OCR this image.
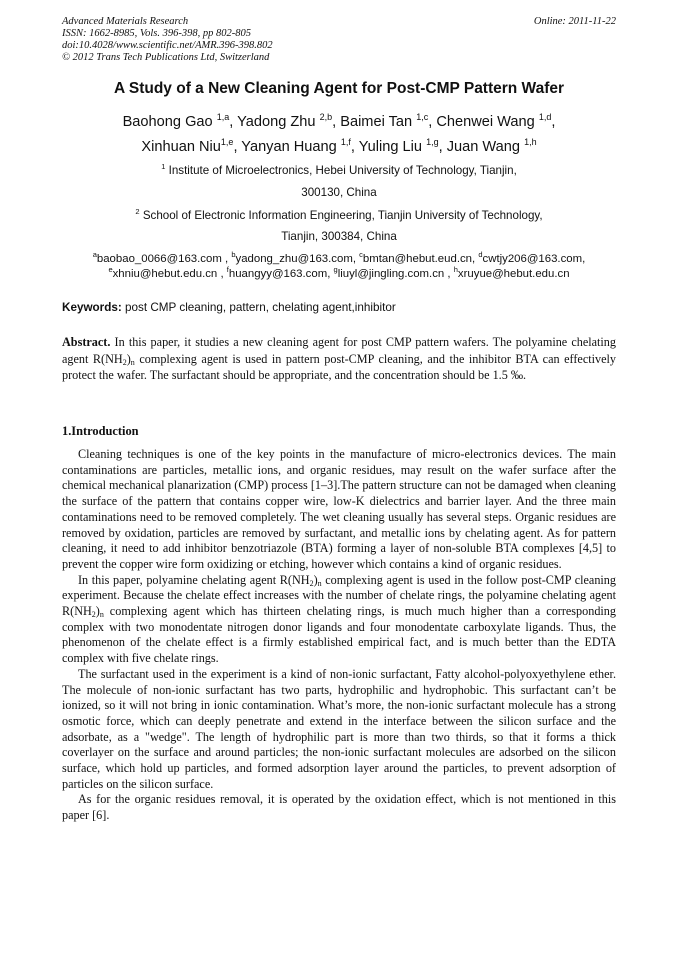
Advanced Materials Research
ISSN: 1662-8985, Vols. 396-398, pp 802-805
doi:10.4028/www.scientific.net/AMR.396-398.802
© 2012 Trans Tech Publications Ltd, Switzerland
Online: 2011-11-22
A Study of a New Cleaning Agent for Post-CMP Pattern Wafer
Baohong Gao $^{1,a}$, Yadong Zhu $^{2,b}$, Baimei Tan $^{1,c}$, Chenwei Wang $^{1,d}$,
Xinhuan Niu$^{1,e}$, Yanyan Huang $^{1,f}$, Yuling Liu $^{1,g}$, Juan Wang $^{1,h}$
$^1$ Institute of Microelectronics, Hebei University of Technology, Tianjin,
300130, China
$^2$ School of Electronic Information Engineering, Tianjin University of Technology,
Tianjin, 300384, China
$^a$baobao_0066@163.com , $^b$yadong_zhu@163.com, $^c$bmtan@hebut.eud.cn, $^d$cwtjy206@163.com,
$^e$xhniu@hebut.edu.cn , $^f$huangyy@163.com, $^g$liuyl@jingling.com.cn , $^h$xruyue@hebut.edu.cn
Keywords: post CMP cleaning, pattern, chelating agent,inhibitor
Abstract. In this paper, it studies a new cleaning agent for post CMP pattern wafers. The polyamine chelating agent $R(NH_2)_n$ complexing agent is used in pattern post-CMP cleaning, and the inhibitor BTA can effectively protect the wafer. The surfactant should be appropriate, and the concentration should be 1.5 ‰.
1.Introduction

Cleaning techniques is one of the key points in the manufacture of micro-electronics devices. The main contaminations are particles, metallic ions, and organic residues, may result on the wafer surface after the chemical mechanical planarization (CMP) process [1–3].The pattern structure can not be damaged when cleaning the surface of the pattern that contains copper wire, low-K dielectrics and barrier layer. And the three main contaminations need to be removed completely. The wet cleaning usually has several steps. Organic residues are removed by oxidation, particles are removed by surfactant, and metallic ions by chelating agent. As for pattern cleaning, it need to add inhibitor benzotriazole (BTA) forming a layer of non-soluble BTA complexes [4,5] to prevent the copper wire form oxidizing or etching, however which contains a kind of organic residues.

In this paper, polyamine chelating agent $R(NH_2)_n$ complexing agent is used in the follow post-CMP cleaning experiment. Because the chelate effect increases with the number of chelate rings, the polyamine chelating agent $R(NH_2)_n$ complexing agent which has thirteen chelating rings, is much much higher than a corresponding complex with two monodentate nitrogen donor ligands and four monodentate carboxylate ligands. Thus, the phenomenon of the chelate effect is a firmly established empirical fact, and is much better than the EDTA complex with five chelate rings.

The surfactant used in the experiment is a kind of non-ionic surfactant, Fatty alcohol-polyoxyethylene ether. The molecule of non-ionic surfactant has two parts, hydrophilic and hydrophobic. This surfactant can’t be ionized, so it will not bring in ionic contamination. What’s more, the non-ionic surfactant molecule has a strong osmotic force, which can deeply penetrate and extend in the interface between the silicon surface and the adsorbate, as a "wedge". The length of hydrophilic part is more than two thirds, so that it forms a thick coverlayer on the surface and around particles; the non-ionic surfactant molecules are adsorbed on the silicon surface, which hold up particles, and formed adsorption layer around the particles, to prevent adsorption of particles on the silicon surface.

As for the organic residues removal, it is operated by the oxidation effect, which is not mentioned in this paper [6].
